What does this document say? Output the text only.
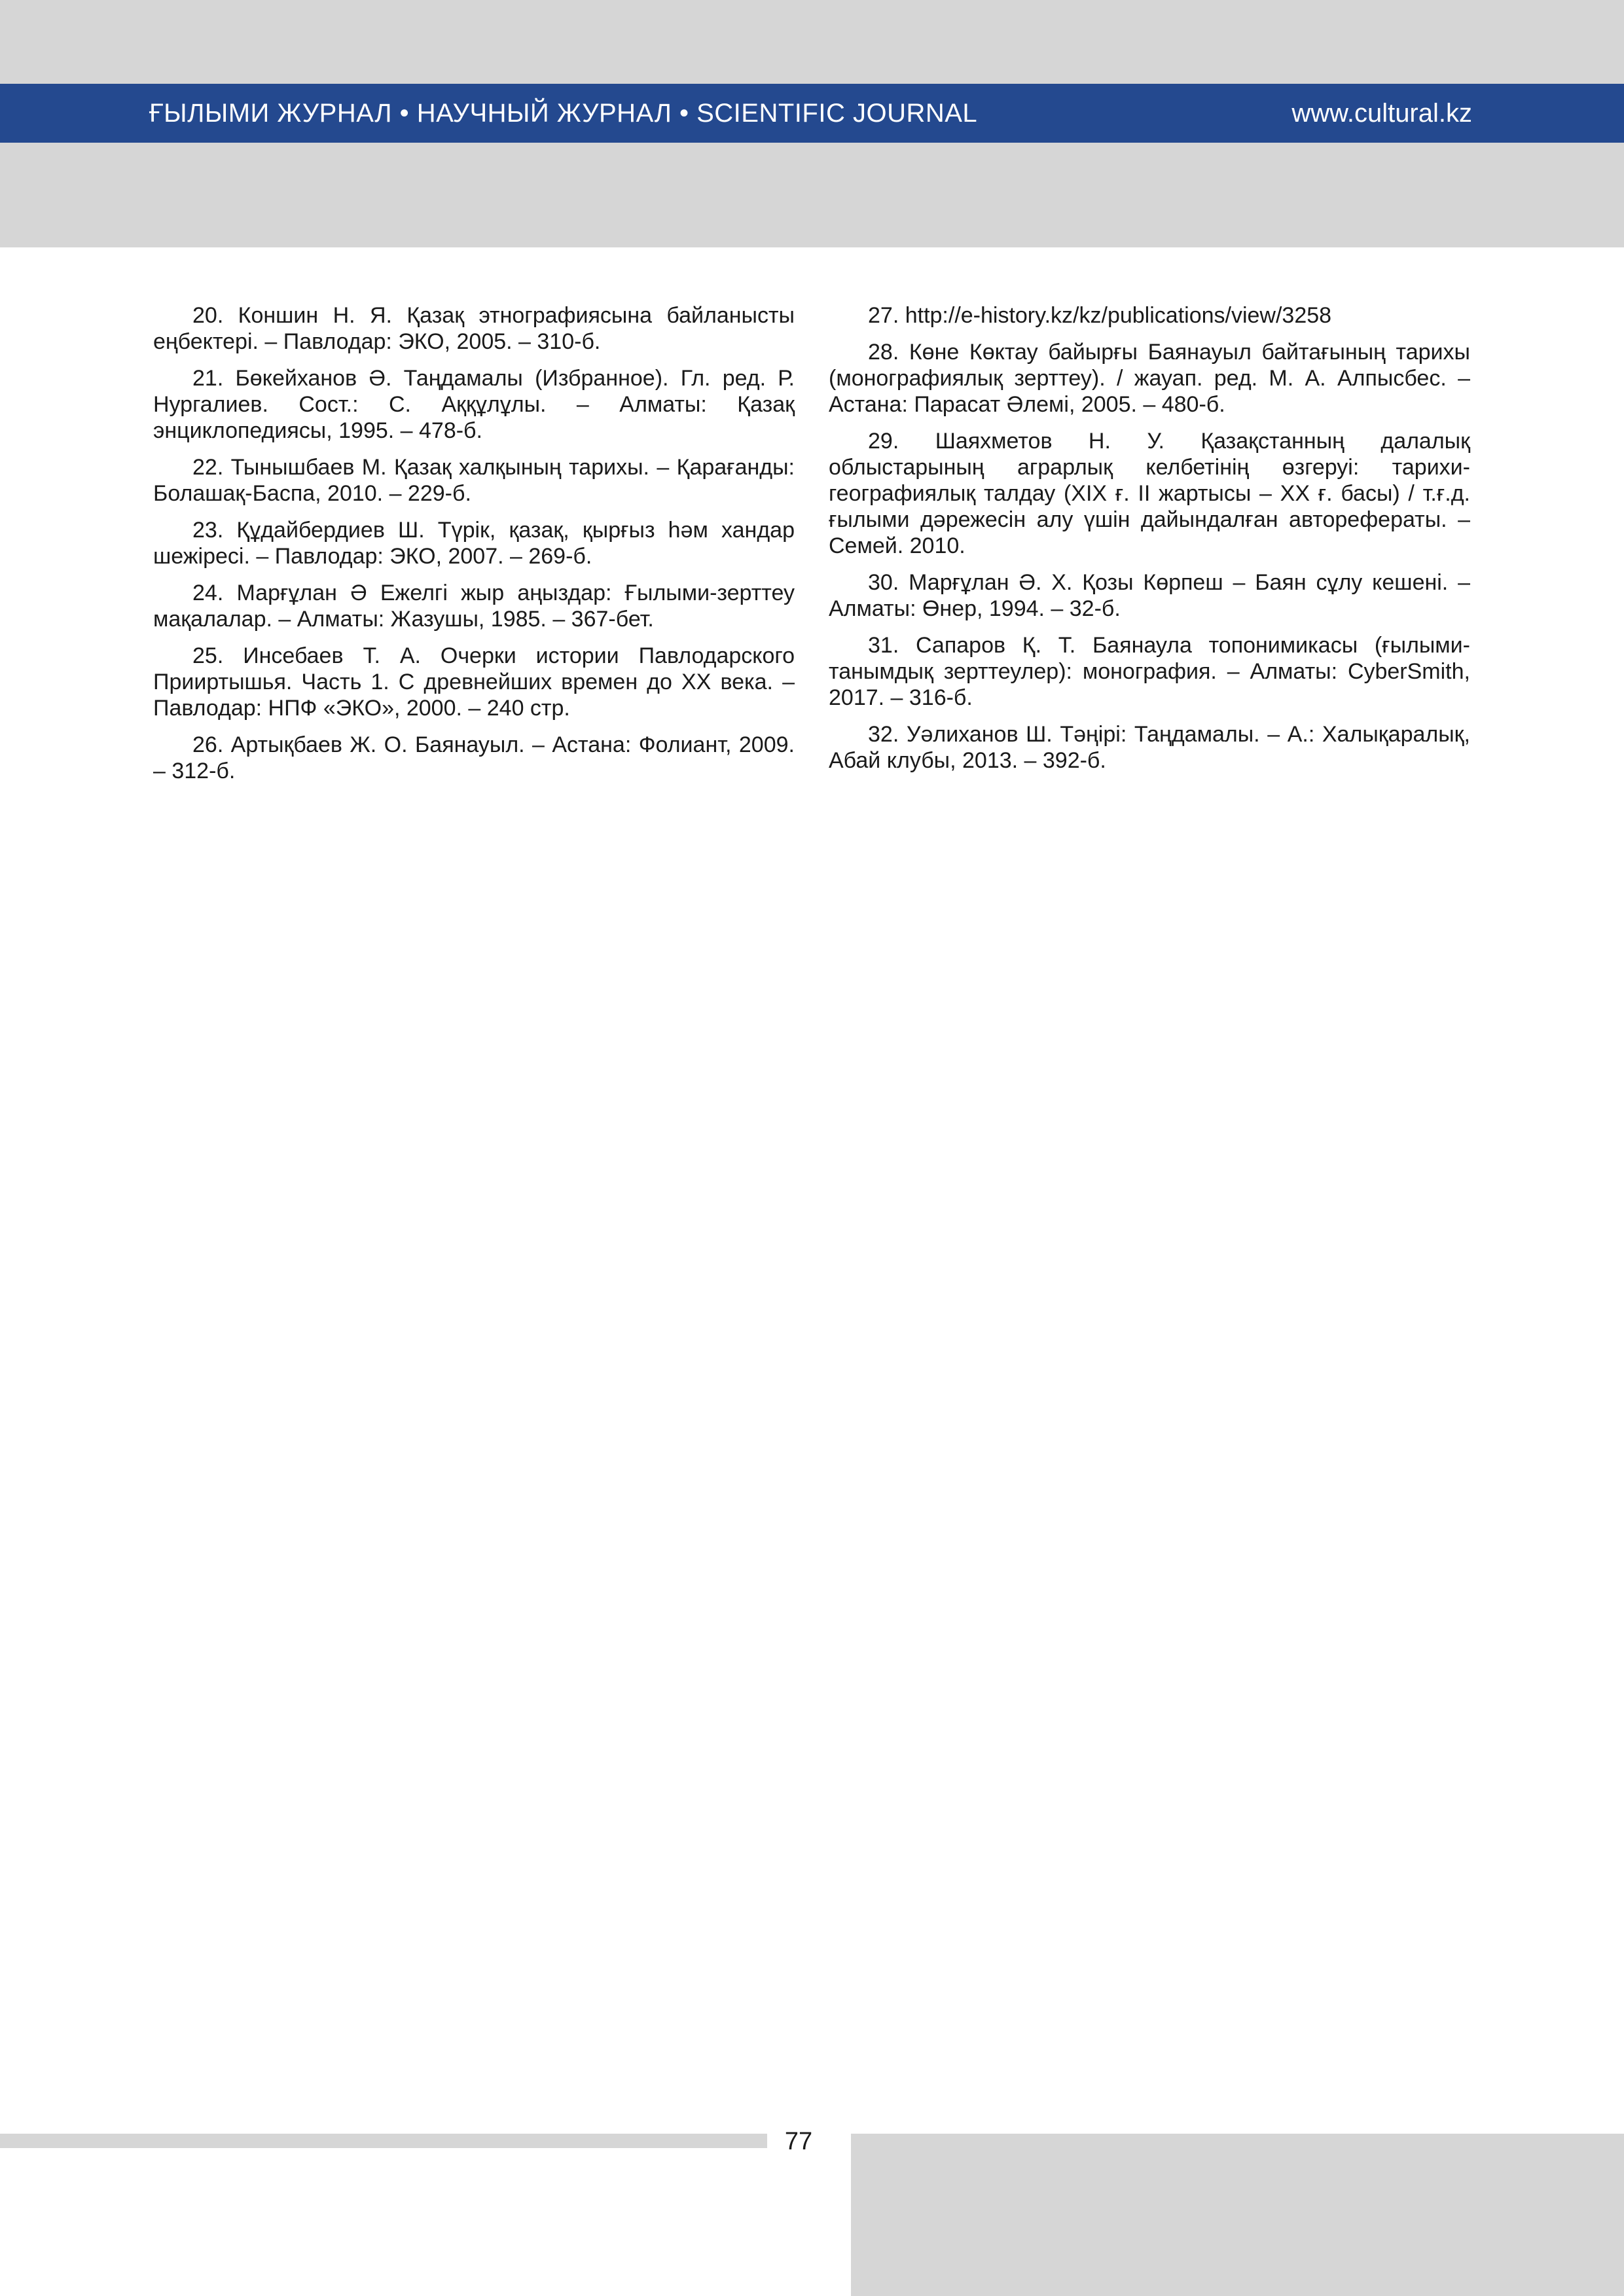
ҒЫЛЫМИ ЖУРНАЛ • НАУЧНЫЙ ЖУРНАЛ • SCIENTIFIC JOURNAL	www.cultural.kz

20. Коншин Н. Я. Қазақ этнографиясына байланысты еңбектері. – Павлодар: ЭКО, 2005. – 310-б.

21. Бөкейханов Ә. Таңдамалы (Избранное). Гл. ред. Р. Нургалиев. Сост.: С. Аққұлұлы. – Алматы: Қазақ энциклопедиясы, 1995. – 478-б.

22. Тынышбаев М. Қазақ халқының тарихы. – Қарағанды: Болашақ-Баспа, 2010. – 229-б.

23. Құдайбердиев Ш. Түрік, қазақ, қырғыз һәм хандар шежіресі. – Павлодар: ЭКО, 2007. – 269-б.

24. Марғұлан Ә Ежелгі жыр аңыздар: Ғылыми-зерттеу мақалалар. – Алматы: Жазушы, 1985. – 367-бет.

25. Инсебаев Т. А. Очерки истории Павлодарского Прииртышья. Часть 1. С древнейших времен до XX века. – Павлодар: НПФ «ЭКО», 2000. – 240 стр.

26. Артықбаев Ж. О. Баянауыл. – Астана: Фолиант, 2009. – 312-б.

27. http://e-history.kz/kz/publications/view/3258

28. Көне Көктау байырғы Баянауыл байтағының тарихы (монографиялық зерттеу). / жауап. ред. М. А. Алпысбес. – Астана: Парасат Әлемі, 2005. – 480-б.

29. Шаяхметов Н. У. Қазақстанның далалық облыстарының аграрлық келбетінің өзгеруі: тарихи-географиялық талдау (XIX ғ. II жартысы – XX ғ. басы) / т.ғ.д. ғылыми дәрежесін алу үшін дайындалған авторефераты. – Семей. 2010.

30. Марғұлан Ә. Х. Қозы Көрпеш – Баян сұлу кешені. – Алматы: Өнер, 1994. – 32-б.

31. Сапаров Қ. Т. Баянаула топонимикасы (ғылыми-танымдық зерттеулер): монография. – Алматы: CyberSmith, 2017. – 316-б.

32. Уәлиханов Ш. Тәңірі: Таңдамалы. – А.: Халықаралық, Абай клубы, 2013. – 392-б.

77
